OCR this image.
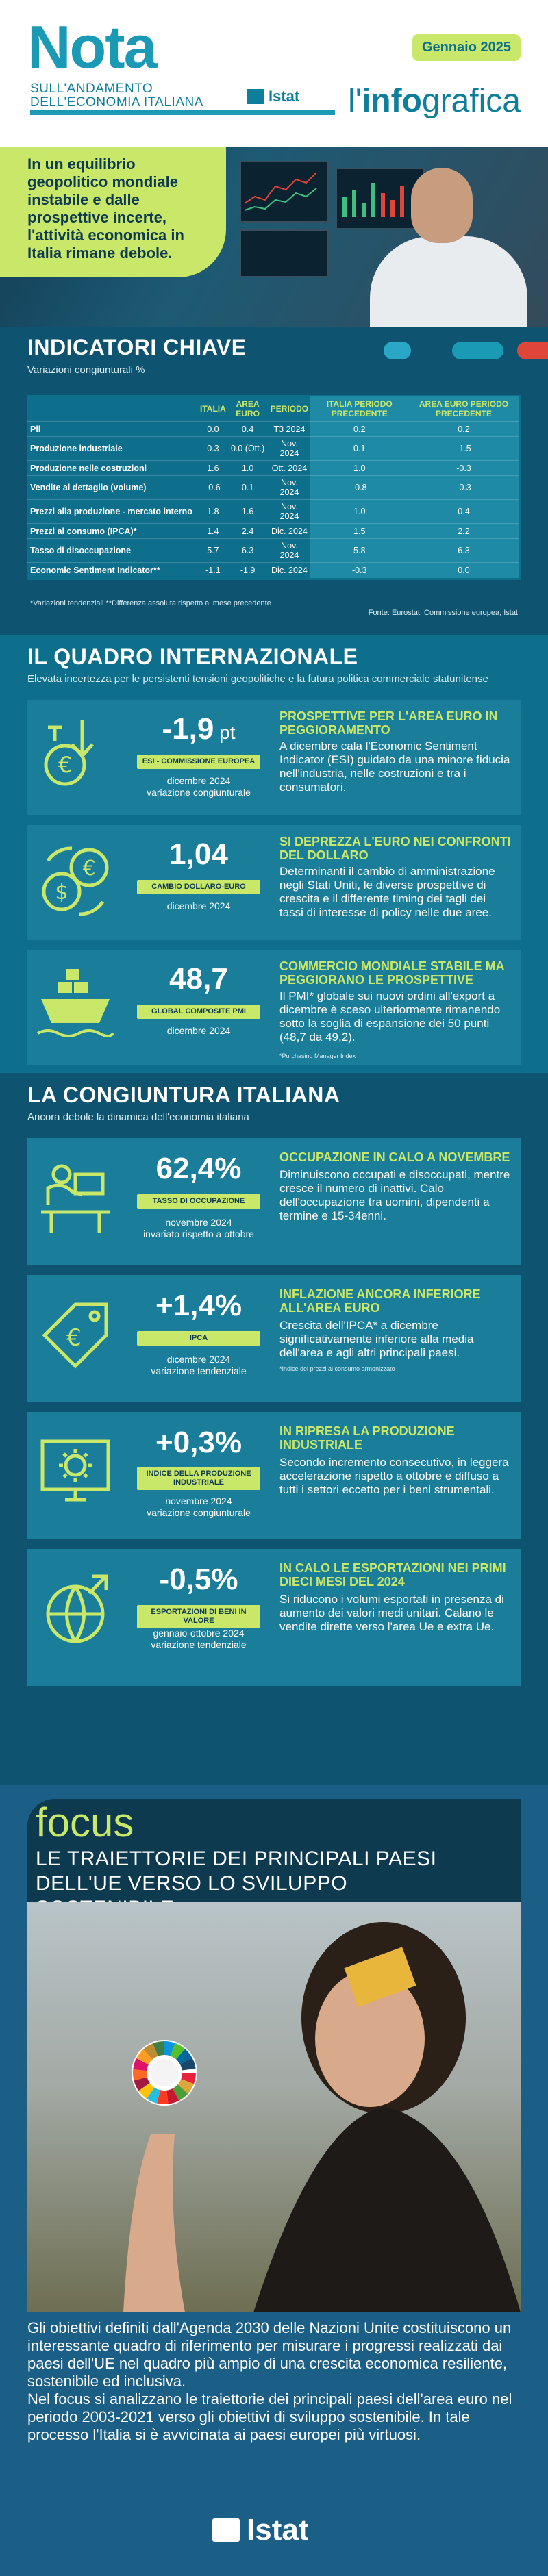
Nota
SULL'ANDAMENTO
DELL'ECONOMIA ITALIANA	Istat
Gennaio 2025
l'infografica
In un equilibrio geopolitico mondiale instabile e dalle prospettive incerte, l'attività economica in Italia rimane debole.
INDICATORI CHIAVE
Variazioni congiunturali %
	ITALIA	AREA EURO	PERIODO	ITALIA PERIODO PRECEDENTE	AREA EURO PERIODO PRECEDENTE
Pil	0.0	0.4	T3 2024	0.2	0.2
Produzione industriale	0.3	0.0 (Ott.)	Nov. 2024	0.1	-1.5
Produzione nelle costruzioni	1.6	1.0	Ott. 2024	1.0	-0.3
Vendite al dettaglio (volume)	-0.6	0.1	Nov. 2024	-0.8	-0.3
Prezzi alla produzione - mercato interno	1.8	1.6	Nov. 2024	1.0	0.4
Prezzi al consumo (IPCA)*	1.4	2.4	Dic. 2024	1.5	2.2
Tasso di disoccupazione	5.7	6.3	Nov. 2024	5.8	6.3
Economic Sentiment Indicator**	-1.1	-1.9	Dic. 2024	-0.3	0.0
*Variazioni tendenziali **Differenza assoluta rispetto al mese precedente
Fonte: Eurostat, Commissione europea, Istat
IL QUADRO INTERNAZIONALE
Elevata incertezza per le persistenti tensioni geopolitiche e la futura politica commerciale statunitense
€
-1,9 pt
ESI - COMMISSIONE EUROPEA
dicembre 2024
variazione congiunturale
PROSPETTIVE PER L'AREA EURO IN PEGGIORAMENTO
A dicembre cala l'Economic Sentiment Indicator (ESI) guidato da una minore fiducia nell'industria, nelle costruzioni e tra i consumatori.
$
€	1,04
CAMBIO DOLLARO-EURO
dicembre 2024
SI DEPREZZA L'EURO NEI CONFRONTI DEL DOLLARO
Determinanti il cambio di amministrazione negli Stati Uniti, le diverse prospettive di crescita e il differente timing dei tagli dei tassi di interesse di policy nelle due aree.
48,7
GLOBAL COMPOSITE PMI
dicembre 2024
COMMERCIO MONDIALE STABILE MA PEGGIORANO LE PROSPETTIVE
Il PMI* globale sui nuovi ordini all'export a dicembre è sceso ulteriormente rimanendo sotto la soglia di espansione dei 50 punti (48,7 da 49,2).
*Purchasing Manager Index
LA CONGIUNTURA ITALIANA
Ancora debole la dinamica dell'economia italiana
62,4%
TASSO DI OCCUPAZIONE
novembre 2024
invariato rispetto a ottobre
OCCUPAZIONE IN CALO A NOVEMBRE
Diminuiscono occupati e disoccupati, mentre cresce il numero di inattivi. Calo dell'occupazione tra uomini, dipendenti a termine e 15-34enni.
€
+1,4%
IPCA
dicembre 2024
variazione tendenziale
INFLAZIONE ANCORA INFERIORE ALL'AREA EURO
Crescita dell'IPCA* a dicembre significativamente inferiore alla media dell'area e agli altri principali paesi.
*Indice dei prezzi al consumo armonizzato
+0,3%
INDICE DELLA PRODUZIONE INDUSTRIALE
novembre 2024
variazione congiunturale
IN RIPRESA LA PRODUZIONE INDUSTRIALE
Secondo incremento consecutivo, in leggera accelerazione rispetto a ottobre e diffuso a tutti i settori eccetto per i beni strumentali.
-0,5%
ESPORTAZIONI DI BENI IN VALORE
gennaio-ottobre 2024
variazione tendenziale
IN CALO LE ESPORTAZIONI NEI PRIMI DIECI MESI DEL 2024
Si riducono i volumi esportati in presenza di aumento dei valori medi unitari. Calano le vendite dirette verso l'area Ue e extra Ue.
focus
LE TRAIETTORIE DEI PRINCIPALI PAESI DELL'UE VERSO LO SVILUPPO
Gli obiettivi definiti dall'Agenda 2030 delle Nazioni Unite costituiscono un interessante quadro di riferimento per misurare i progressi realizzati dai paesi dell'UE nel quadro più ampio di una crescita economica resiliente, sostenibile ed inclusiva.
Nel focus si analizzano le traiettorie dei principali paesi dell'area euro nel periodo 2003-2021 verso gli obiettivi di sviluppo sostenibile. In tale processo l'Italia si è avvicinata ai paesi europei più virtuosi.
Istat
